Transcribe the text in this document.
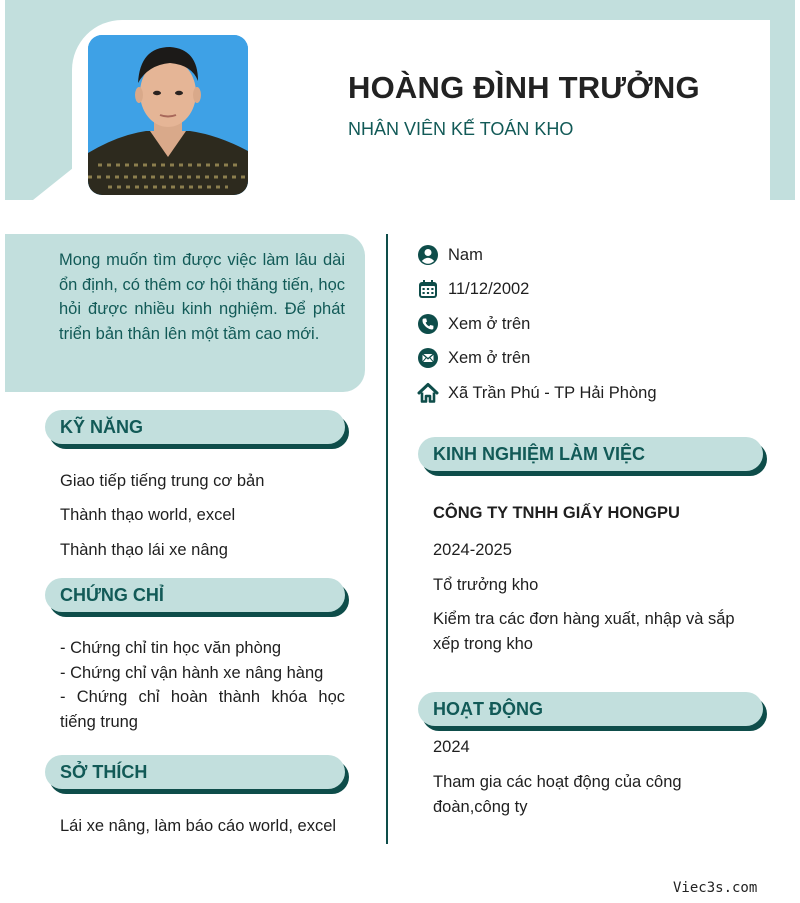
HOÀNG ĐÌNH TRƯỞNG
NHÂN VIÊN KẾ TOÁN KHO
Mong muốn tìm được việc làm lâu dài ổn định, có thêm cơ hội thăng tiến, học hỏi được nhiều kinh nghiệm. Để phát triển bản thân lên một tầm cao mới.
KỸ NĂNG
Giao tiếp tiếng trung cơ bản
Thành thạo world, excel
Thành thạo lái xe nâng
CHỨNG CHỈ
- Chứng chỉ tin học văn phòng
- Chứng chỉ vận hành xe nâng hàng
- Chứng chỉ hoàn thành khóa học tiếng trung
SỞ THÍCH
Lái xe nâng, làm báo cáo world, excel
Nam
11/12/2002
Xem ở trên
Xem ở trên
Xã Trần Phú - TP Hải Phòng
KINH NGHIỆM LÀM VIỆC
CÔNG TY TNHH GIẤY HONGPU
2024-2025
Tổ trưởng kho
Kiểm tra các đơn hàng xuất, nhập và sắp xếp trong kho
HOẠT ĐỘNG
2024
Tham gia các hoạt động của công đoàn,công ty
Viec3s.com
